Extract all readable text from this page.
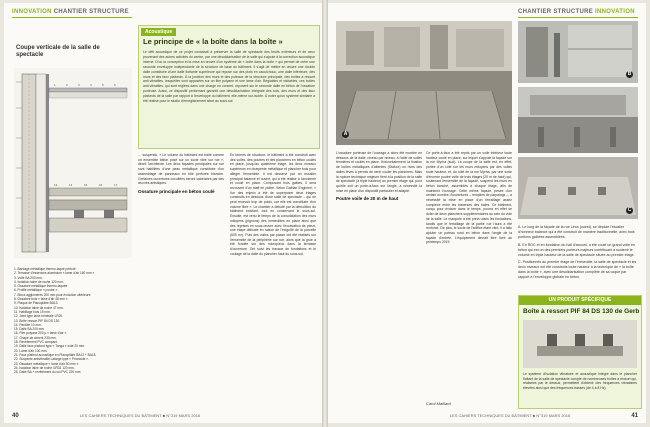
INNOVATION CHANTIER STRUCTURE
Coupe verticale de la salle de spectacle
1	2	3	4	5	6
13	14	15	16	17
Acoustique
Le principe de « la boîte dans la boîte »
Le défi acoustique de ce projet consistait à préserver la salle de spectacle des bruits extérieurs et de ceux provenant des autres activités du centre, par une désolidarisation de la salle qui s'ajoute à la correction acoustique interne. D'où la conception et la mise en œuvre d'un système de « boîte dans la boîte » qui permet de créer une seconde enveloppe indépendante de la structure de base du bâtiment. Il s'agit de mettre en œuvre une double dalle constituée d'une dalle flottante supérieure qui repose sur des plots en caoutchouc, une dalle inférieure, des murs et des faux plafonds. À la jonction des murs et des poteaux de la structure principale, des boîtes à ressort anti-vibratiles, lesquelles sont apposées sur un film polyane et une lame d'air. Réglables et visitables, ces boîtes anti-vibratiles, qui sont réglées dans une charge en concert, reposent sur le seconde dalle en béton de l'ossature porteuse. Aussi, ce dispositif performant garantit une désolidarisation intégrale des sols, des murs et des faux plafonds de la salle par rapport à l'enveloppe du bâtiment, elle-même sur-isolée. À noter qu'un système similaire a été réalisé pour le studio d'enregistrement situé au sous-sol.
1. Bardage métallique thermo-laqué perforé.
2. Terrasse d'essences aluminium « lame d'air 160 mm ».
3. Voile BA 200 mm.
4. Isolation laine de roche 120 mm.
5. Ossature métallique thermo-laquée.
6. Profilé métallique « poutre ».
7. Blocs agglomérés 200 mm pour évolution ultérieure.
8. Ossature bois « laine d'air 48 mm ».
9. Plaque de Placoplâtre BA13.
10. Isolation laine de roche 47 mm.
11. Habillage bois 19 mm.
12. Joint type laine minérale LR20.
13. Boîte ressort PIF 84 DS 130.
14. Pantôle 10 mm.
15. Dalle BA 200 mm.
16. Film polyane 200 µ « lame d'air ».
17. Chape de ciment 230 mm.
18. Revêtement PVC compact.
19. Dalle faux plafond type « Tonga » cote 20 mm.
20. Lame d'air 100 mm.
21. Faux plafond acoustique en Placoplâtre BA13 + BA18.
22. Suspente antivibratile Lafarge type « Phonoste ».
23. Ossature métallique « lame d'air 50 mm ».
24. Isolation laine de roche GR32 120 mm.
25. Dalle BA + revêtement du sol PVC 220 mm.

… suspendu. « Le volume du bâtiment est traité comme un ensemble bâton posé sur un socle vitré sur rue », décrit l'architecte. Les deux façades principales sur rue sont habillées d'une peau métallique constituée d'un assemblage de panneaux en tôle perforée blanche. Certaines ouvertures occultées seront valorisées par des œuvres artistiques.

Ossature principale en béton coulé

En termes de structure, le bâtiment a été construit avec des voiles, des poutres et des planchers en béton coulés en place, jusqu'au quatrième étage, les deux niveaux supérieurs en charpente métallique et plancher bois pour alléger l'ensemble. Il est desservi par un escalier principal balancé et ouvert, qui a été réalisé à l'ancienne et coulé en place. Composant trois galbes, il sera recouvert d'un staff en plâtre. Selon Gaëtan Engimeri, « l'un des enjeux a été de superposer deux étages construits en dessous d'une salle de spectacle – qui ne peut recevoir trop de poids, car elle est constituée d'un volume libre ». Le chantier a débuté par la démolition du bâtiment existant, tout en conservant le sous-sol. Ensuite, est venu le temps de la consolidation des murs mitoyens (pignons) des immeubles en place ainsi que des reprises en sous-œuvre avec l'excavation de pieux, une étape délicate en raison de l'exiguïté de la parcelle (600 m²). Puis des voiles par passe ont été réalisés sur l'ensemble de la périphérie sur rue, alors que la grue a été fondée sur des micropieux dans la terrasse d'ouverture. Ont suivi les travaux de fondations et le coulage de la dalle du plancher haut du sous-sol.

40	LES CAHIERS TECHNIQUES DU BÂTIMENT ■ N°319 MARS 2016
CHANTIER STRUCTURE INNOVATION
A
B
C

L'ossature porteuse de l'ouvrage a alors été montée en dessous de la dalle, niveau par niveau, à l'aide de voiles fermières et coulés en place. Horizontalement, la fixation de boîtes métalliques d'attentes (Stabox) on rives des dalles lèves à permis de venir couler les planchers. Mais la rupture technique majeure tient à la position de la salle de spectacle (à triple hauteur) au premier étage qui, pour qu'elle soit un porte-à-faux sur l'angle, a nécessité la mise en place d'un dispositif particulier et adapté.

Poutre voile de 20 m de haut

Ce porte-à-faux a été repris par un voile intérieur toute hauteur coulé en place, sur lequel s'appuie la façade sur la rue Myrha (sud). La coupe de la salle est, en effet, portée d'un côté sur les murs mitoyens par des voiles toute hauteur, et, du côté de la rue Myrha, par une sorte d'énorme poutre voile de trois étages (20 m de haut) qui, soutenant l'ensemble de la façade, suspend les murs en béton banché, assemblés à chaque étage, afin de maintenir l'ouvrage. Cette même façade, pesée d'un certain nombre d'ouvertures – remplies de parpaings –, a nécessité la mise en place d'un ferraillage assez complexe entre les traverses des baies. Ce bâtiment, conçu pour évoluer dans le temps, pourra en effet se doter de deux planchers supplémentaires au sein du vide de la salle. Le marquée a été prévu dans les fondations, tandis que le ferraillage de la partie rue l'aura a été renforcé. De plus, le socle de l'édifice étant vitré, il a fallu ajouter un poteau rond en béton dans l'angle de la façade d'entrée. L'équipement devrait être livré au printemps 2019.

Carol Maillard

A. Le long de la façade de la rue Léon (ouest), se déploie l'escalier d'honneur balancé qui a été construit de manière traditionnelle, avec trois portions galbées assemblées.

B. En RDC et en fondation du hall d'accueil, a été coulé un grand voile en béton qui est un des premiers porteurs majeurs contribuant à soutenir le volume en triple hauteur de la salle de spectacle située au premier étage.

C. Positionnés au premier étage de l'immeuble, la salle de spectacle et les deux niveaux ont été construits toute hauteur à la technique de « la boîte dans la boîte », avec une désolidarisation complète de sa coque par rapport à l'enveloppe globale en béton.

UN PRODUIT SPÉCIFIQUE
Boîte à ressort PIF 84 DS 130 de Gerb
Le système d'isolation vibratoire et acoustique intégré dans le plancher flottant de la salle de spectacle compte de nombreuses boîtes à ressort qui, réalisées par le dessus, permettent d'obtenir des fréquences vibratoires élevées ainsi que des fréquences basses (de 4 à 8 Hz).
LES CAHIERS TECHNIQUES DU BÂTIMENT ■ N°319 MARS 2016	41
